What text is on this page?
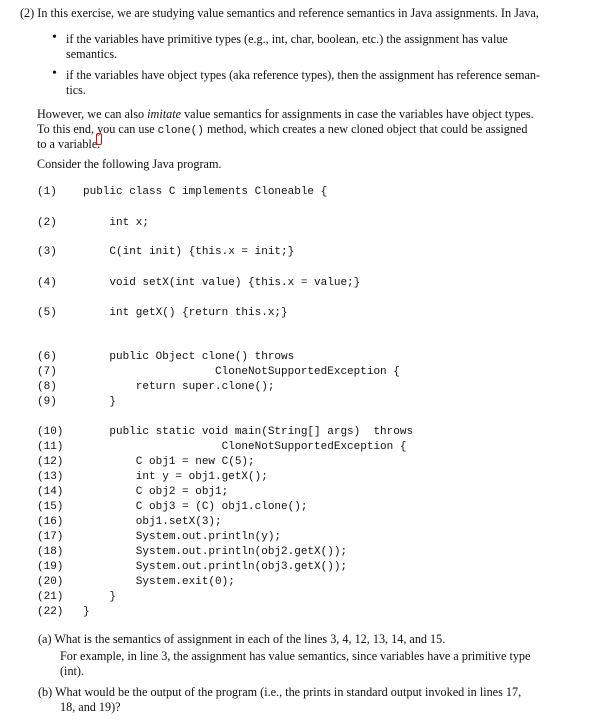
(2) In this exercise, we are studying value semantics and reference semantics in Java assignments. In Java,
• if the variables have primitive types (e.g., int, char, boolean, etc.) the assignment has value
semantics.
• if the variables have object types (aka reference types), then the assignment has reference seman-
tics.
However, we can also imitate value semantics for assignments in case the variables have object types.
To this end, you can use clone() method, which creates a new cloned object that could be assigned
to a variable.
Consider the following Java program.
(1)	public class C implements Cloneable {
(2)	int x;
(3)	C(int init) {this.x = init;}
(4)	void setX(int value) {this.x = value;}
(5)	int getX() {return this.x;}
(6)	public Object clone() throws
(7)	CloneNotSupportedException {
(8)	return super.clone();
(9)	}
(10)	public static void main(String[] args)  throws
(11)	CloneNotSupportedException {
(12)	C obj1 = new C(5);
(13)	int y = obj1.getX();
(14)	C obj2 = obj1;
(15)	C obj3 = (C) obj1.clone();
(16)	obj1.setX(3);
(17)	System.out.println(y);
(18)	System.out.println(obj2.getX());
(19)	System.out.println(obj3.getX());
(20)	System.exit(0);
(21)	}
(22)	}
(a) What is the semantics of assignment in each of the lines 3, 4, 12, 13, 14, and 15.
For example, in line 3, the assignment has value semantics, since variables have a primitive type
(int).
(b) What would be the output of the program (i.e., the prints in standard output invoked in lines 17,
18, and 19)?
